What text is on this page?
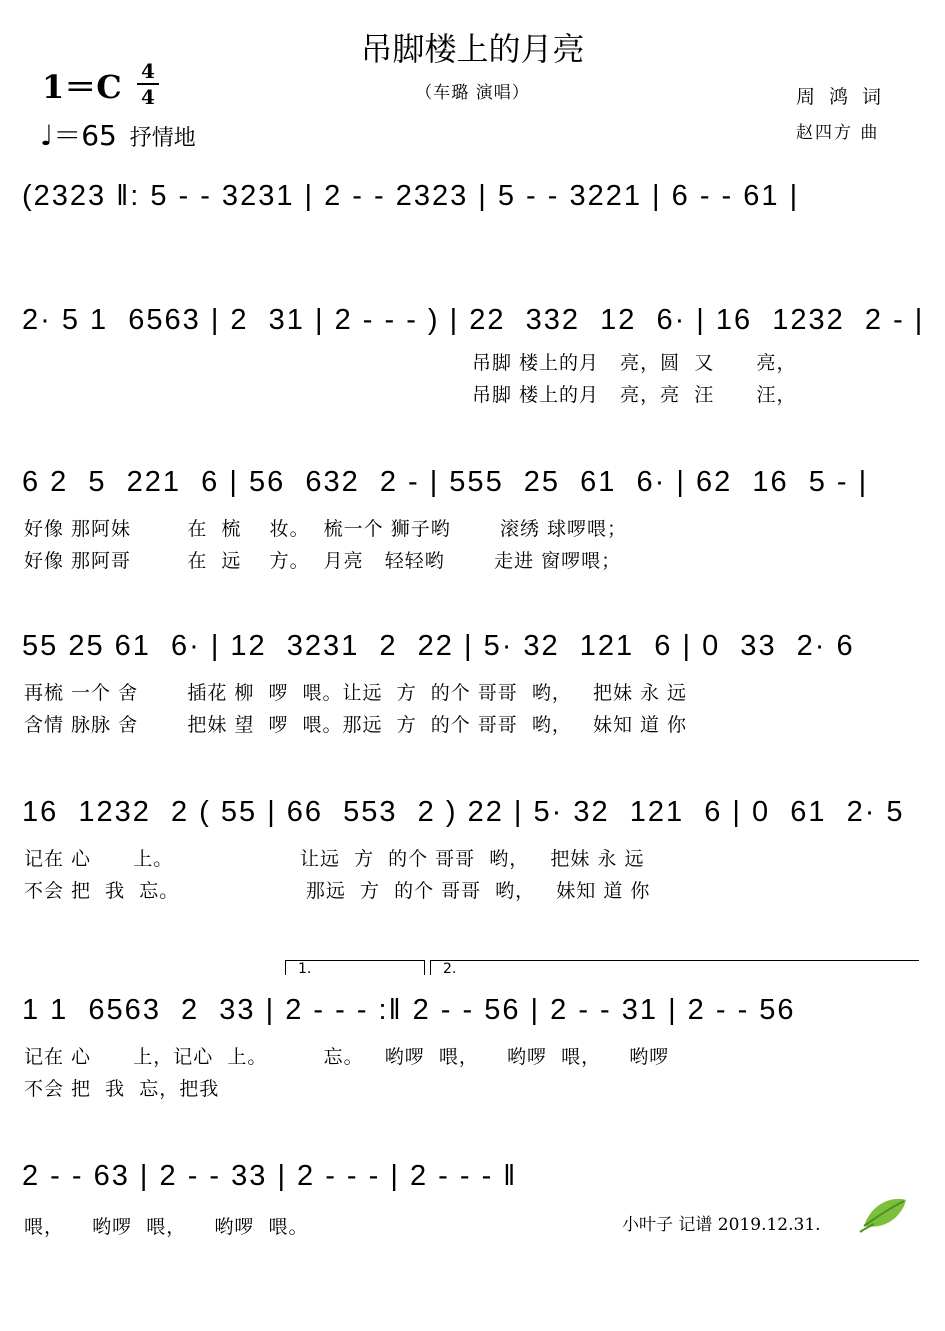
吊脚楼上的月亮
（车璐 演唱）
1＝C 4
4
♩＝65 抒情地
周鸿词
赵四方 曲
(2323 ‖: 5 - - 3231 | 2 - - 2323 | 5 - - 3221 | 6 - - 61 |
2· 5 1  6563 | 2  31 | 2 - - - ) | 22  332  12  6· | 16  1232  2 - |
吊脚 楼上的月   亮，圆  又      亮，
吊脚 楼上的月   亮，亮  汪      汪，
6 2  5  221  6 | 56  632  2 - | 555  25  61  6· | 62  16  5 - |
好像 那阿妹        在  梳    妆。  梳一个 狮子哟       滚绣 球啰喂；
好像 那阿哥        在  远    方。  月亮   轻轻哟       走进 窗啰喂；
55 25 61  6· | 12  3231  2  22 | 5· 32  121  6 | 0  33  2· 6
再梳 一个 舍       插花 柳  啰  喂。让远  方  的个 哥哥  哟，   把妹 永 远
含情 脉脉 舍       把妹 望  啰  喂。那远  方  的个 哥哥  哟，   妹知 道 你
16  1232  2 ( 55 | 66  553  2 ) 22 | 5· 32  121  6 | 0  61  2· 5
记在 心      上。                  让远  方  的个 哥哥  哟，   把妹 永 远
不会 把  我  忘。                  那远  方  的个 哥哥  哟，   妹知 道 你
1.	2.
1 1  6563  2  33 | 2 - - - :‖ 2 - - 56 | 2 - - 31 | 2 - - 56
记在 心      上，记心  上。        忘。   哟啰  喂，    哟啰  喂，    哟啰
不会 把  我  忘，把我
2 - - 63 | 2 - - 33 | 2 - - - | 2 - - - ‖
喂，    哟啰  喂，    哟啰  喂。	小叶子 记谱 2019.12.31.
